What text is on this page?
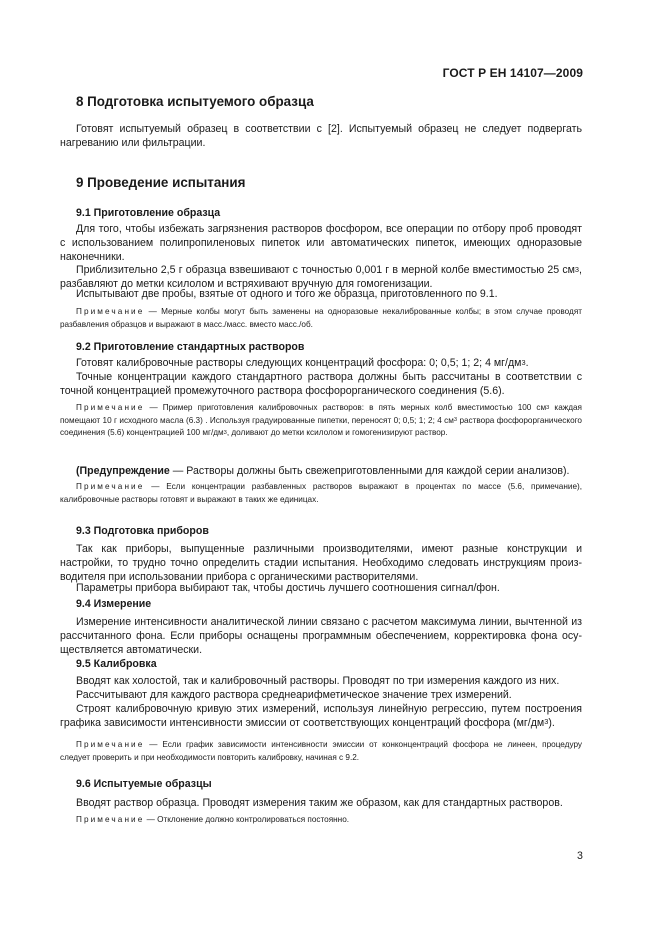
ГОСТ Р ЕН 14107—2009
8 Подготовка испытуемого образца
Готовят испытуемый образец в соответствии с [2]. Испытуемый образец не следует подвергать нагреванию или фильтрации.
9 Проведение испытания
9.1 Приготовление образца
Для того, чтобы избежать загрязнения растворов фосфором, все операции по отбору проб проводят с использованием полипропиленовых пипеток или автоматических пипеток, имеющих одноразовые наконечники.
Приблизительно 2,5 г образца взвешивают с точностью 0,001 г в мерной колбе вместимостью 25 $см^3$, разбавляют до метки ксилолом и встряхивают вручную для гомогенизации.
Испытывают две пробы, взятые от одного и того же образца, приготовленного по 9.1.
Примечание — Мерные колбы могут быть заменены на одноразовые некалиброванные колбы; в этом случае проводят разбавления образцов и выражают в масс./масс. вместо масс./об.
9.2 Приготовление стандартных растворов
Готовят калибровочные растворы следующих концентраций фосфора: 0; 0,5; 1; 2; 4 $мг/дм^3$.
Точные концентрации каждого стандартного раствора должны быть рассчитаны в соответствии с точной концентрацией промежуточного раствора фосфорорганического соединения (5.6).
Примечание — Пример приготовления калибровочных растворов: в пять мерных колб вместимостью 100 $см^3$ каждая помещают 10 г исходного масла (6.3) . Используя градуированные пипетки, переносят 0; 0,5; 1; 2; 4 $см^3$ раствора фосфорорганического соединения (5.6) концентрацией 100 $мг/дм^3$, доливают до метки ксилолом и гомогенизируют раствор.
(Предупреждение — Растворы должны быть свежеприготовленными для каждой серии анализов).
Примечание — Если концентрации разбавленных растворов выражают в процентах по массе (5.6, примечание), калибровочные растворы готовят и выражают в таких же единицах.
9.3 Подготовка приборов
Так как приборы, выпущенные различными производителями, имеют разные конструкции и настройки, то трудно точно определить стадии испытания. Необходимо следовать инструкциям производителя при использовании прибора с органическими растворителями.
Параметры прибора выбирают так, чтобы достичь лучшего соотношения сигнал/фон.
9.4 Измерение
Измерение интенсивности аналитической линии связано с расчетом максимума линии, вычтенной из рассчитанного фона. Если приборы оснащены программным обеспечением, корректировка фона осуществляется автоматически.
9.5 Калибровка
Вводят как холостой, так и калибровочный растворы. Проводят по три измерения каждого из них.
Рассчитывают для каждого раствора среднеарифметическое значение трех измерений.
Строят калибровочную кривую этих измерений, используя линейную регрессию, путем построения графика зависимости интенсивности эмиссии от соответствующих концентраций фосфора $(мг/дм^3)$.
Примечание — Если график зависимости интенсивности эмиссии от конконцентраций фосфора не линеен, процедуру следует проверить и при необходимости повторить калибровку, начиная с 9.2.
9.6 Испытуемые образцы
Вводят раствор образца. Проводят измерения таким же образом, как для стандартных растворов.
Примечание — Отклонение должно контролироваться постоянно.
3
